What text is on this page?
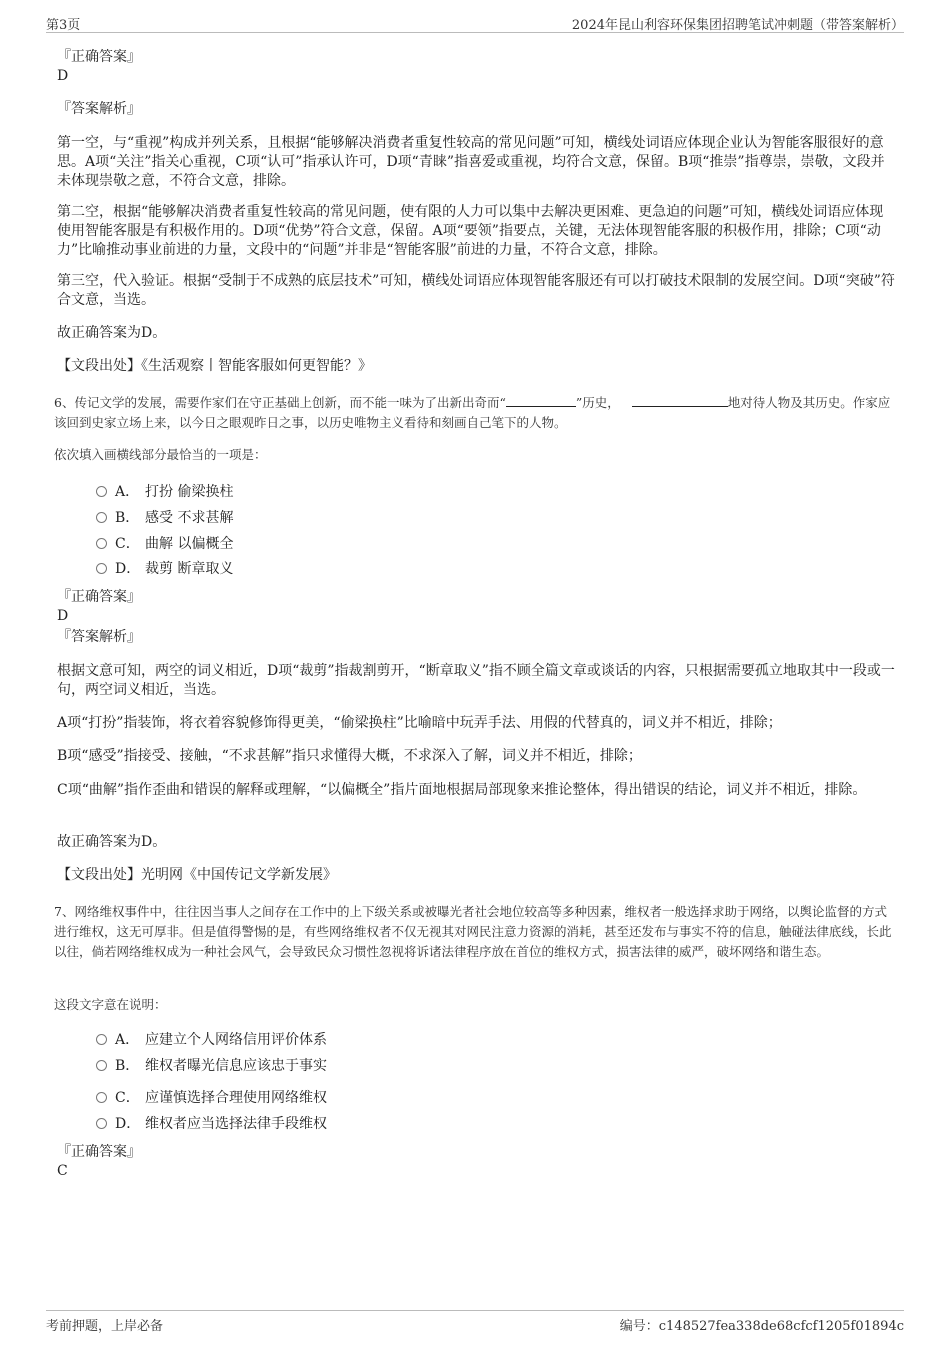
第3页	2024年昆山利容环保集团招聘笔试冲刺题（带答案解析）
『正确答案』
D
『答案解析』
第一空，与“重视”构成并列关系，且根据“能够解决消费者重复性较高的常见问题”可知，横线处词语应体现企业认为智能客服很好的意思。A项“关注”指关心重视，C项“认可”指承认许可，D项“青睐”指喜爱或重视，均符合文意，保留。B项“推崇”指尊崇，崇敬，文段并未体现崇敬之意，不符合文意，排除。
第二空，根据“能够解决消费者重复性较高的常见问题，使有限的人力可以集中去解决更困难、更急迫的问题”可知，横线处词语应体现使用智能客服是有积极作用的。D项“优势”符合文意，保留。A项“要领”指要点，关键，无法体现智能客服的积极作用，排除；C项“动力”比喻推动事业前进的力量，文段中的“问题”并非是“智能客服”前进的力量，不符合文意，排除。
第三空，代入验证。根据“受制于不成熟的底层技术”可知，横线处词语应体现智能客服还有可以打破技术限制的发展空间。D项“突破”符合文意，当选。
故正确答案为D。
【文段出处】《生活观察丨智能客服如何更智能？》
6、传记文学的发展，需要作家们在守正基础上创新，而不能一味为了出新出奇而“	”历史，	地对待人物及其历史。作家应该回到史家立场上来，以今日之眼观昨日之事，以历史唯物主义看待和刻画自己笔下的人物。
依次填入画横线部分最恰当的一项是：
A． 打扮 偷梁换柱
B． 感受 不求甚解
C． 曲解 以偏概全
D． 裁剪 断章取义
『正确答案』
D
『答案解析』
根据文意可知，两空的词义相近，D项“裁剪”指裁割剪开，“断章取义”指不顾全篇文章或谈话的内容，只根据需要孤立地取其中一段或一句，两空词义相近，当选。
A项“打扮”指装饰，将衣着容貌修饰得更美，“偷梁换柱”比喻暗中玩弄手法、用假的代替真的，词义并不相近，排除；
B项“感受”指接受、接触，“不求甚解”指只求懂得大概，不求深入了解，词义并不相近，排除；
C项“曲解”指作歪曲和错误的解释或理解，“以偏概全”指片面地根据局部现象来推论整体，得出错误的结论，词义并不相近，排除。
故正确答案为D。
【文段出处】光明网《中国传记文学新发展》
7、网络维权事件中，往往因当事人之间存在工作中的上下级关系或被曝光者社会地位较高等多种因素，维权者一般选择求助于网络，以舆论监督的方式进行维权，这无可厚非。但是值得警惕的是，有些网络维权者不仅无视其对网民注意力资源的消耗，甚至还发布与事实不符的信息，触碰法律底线，长此以往，倘若网络维权成为一种社会风气，会导致民众习惯性忽视将诉诸法律程序放在首位的维权方式，损害法律的威严，破坏网络和谐生态。
这段文字意在说明：
A． 应建立个人网络信用评价体系
B． 维权者曝光信息应该忠于事实
C． 应谨慎选择合理使用网络维权
D． 维权者应当选择法律手段维权
『正确答案』
C
考前押题，上岸必备	编号：c148527fea338de68cfcf1205f01894c
